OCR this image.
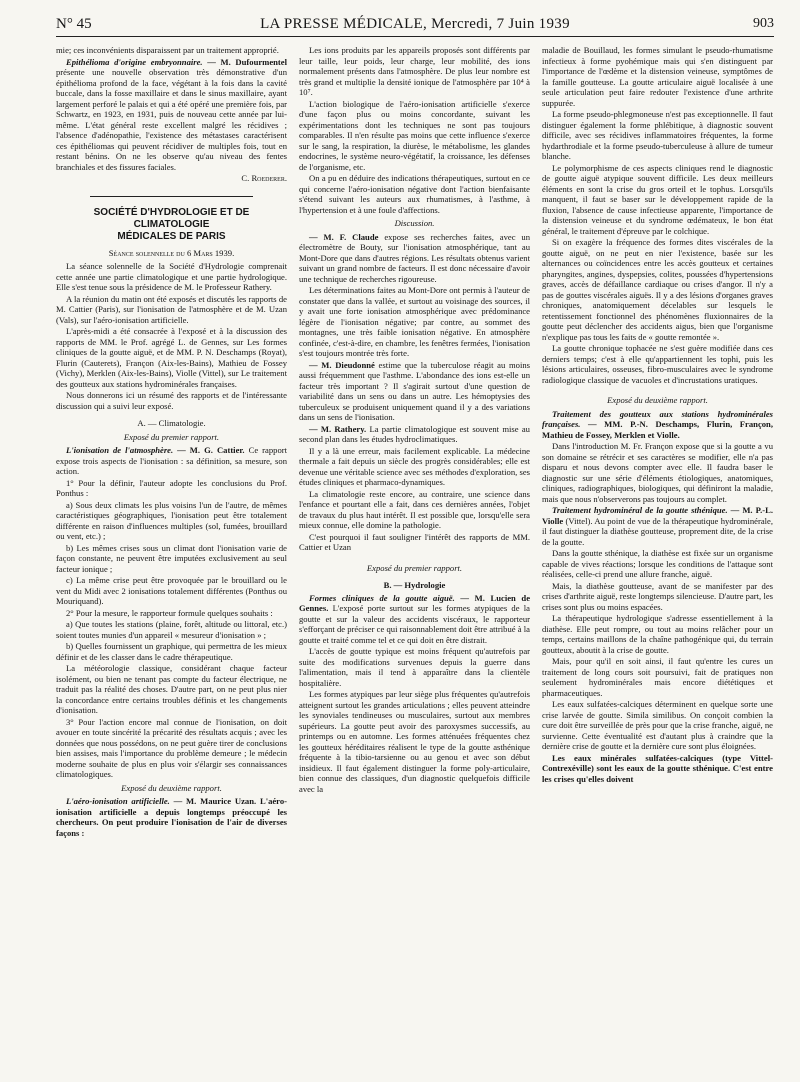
N° 45	LA PRESSE MÉDICALE, Mercredi, 7 Juin 1939	903

mie; ces inconvénients disparaissent par un traitement approprié.

Epithélioma d'origine embryonnaire. — M. Dufourmentel présente une nouvelle observation très démonstrative d'un épithélioma profond de la face, végétant à la fois dans la cavité buccale, dans la fosse maxillaire et dans le sinus maxillaire, ayant largement perforé le palais et qui a été opéré une première fois, par Schwartz, en 1923, en 1931, puis de nouveau cette année par lui-même. L'état général reste excellent malgré les récidives ; l'absence d'adénopathie, l'existence des métastases caractérisent ces épithéliomas qui peuvent récidiver de multiples fois, tout en restant bénins. On ne les observe qu'au niveau des fentes branchiales et des fissures faciales.

C. Roederer.

SOCIÉTÉ D'HYDROLOGIE ET DE CLIMATOLOGIE
MÉDICALES DE PARIS
Séance solennelle du 6 Mars 1939.

La séance solennelle de la Société d'Hydrologie comprenait cette année une partie climatologique et une partie hydrologique. Elle s'est tenue sous la présidence de M. le Professeur Rathery.

A la réunion du matin ont été exposés et discutés les rapports de M. Cattier (Paris), sur l'ionisation de l'atmosphère et de M. Uzan (Vals), sur l'aéro-ionisation artificielle.

L'après-midi a été consacrée à l'exposé et à la discussion des rapports de MM. le Prof. agrégé L. de Gennes, sur Les formes cliniques de la goutte aiguë, et de MM. P. N. Deschamps (Royat), Flurin (Cauterets), Françon (Aix-les-Bains), Mathieu de Fossey (Vichy), Merklen (Aix-les-Bains), Violle (Vittel), sur Le traitement des goutteux aux stations hydrominérales françaises.

Nous donnerons ici un résumé des rapports et de l'intéressante discussion qui a suivi leur exposé.

A. — Climatologie.
Exposé du premier rapport.

L'ionisation de l'atmosphère. — M. G. Cattier. Ce rapport expose trois aspects de l'ionisation : sa définition, sa mesure, son action.

1° Pour la définir, l'auteur adopte les conclusions du Prof. Ponthus :

a) Sous deux climats les plus voisins l'un de l'autre, de mêmes caractéristiques géographiques, l'ionisation peut être totalement différente en raison d'influences multiples (sol, fumées, brouillard ou vent, etc.) ;

b) Les mêmes crises sous un climat dont l'ionisation varie de façon constante, ne peuvent être imputées exclusivement au seul facteur ionique ;

c) La même crise peut être provoquée par le brouillard ou le vent du Midi avec 2 ionisations totalement différentes (Ponthus ou Mouriquand).

2° Pour la mesure, le rapporteur formule quelques souhaits :

a) Que toutes les stations (plaine, forêt, altitude ou littoral, etc.) soient toutes munies d'un appareil « mesureur d'ionisation » ;

b) Quelles fournissent un graphique, qui permettra de les mieux définir et de les classer dans le cadre thérapeutique.

La météorologie classique, considérant chaque facteur isolément, ou bien ne tenant pas compte du facteur électrique, ne traduit pas la réalité des choses. D'autre part, on ne peut plus nier la concordance entre certains troubles définis et les changements d'ionisation.

3° Pour l'action encore mal connue de l'ionisation, on doit avouer en toute sincérité la précarité des résultats acquis ; avec les données que nous possédons, on ne peut guère tirer de conclusions bien assises, mais l'importance du problème demeure ; le médecin moderne souhaite de plus en plus voir s'élargir ses connaissances climatologiques.

Exposé du deuxième rapport.

L'aéro-ionisation artificielle. — M. Maurice Uzan. L'aéro-ionisation artificielle a depuis longtemps préoccupé les chercheurs. On peut produire l'ionisation de l'air de diverses façons :

Les ions produits par les appareils proposés sont différents par leur taille, leur poids, leur charge, leur mobilité, des ions normalement présents dans l'atmosphère. De plus leur nombre est très grand et multiplie la densité ionique de l'atmosphère par 10⁴ à 10⁷.

L'action biologique de l'aéro-ionisation artificielle s'exerce d'une façon plus ou moins concordante, suivant les expérimentations dont les techniques ne sont pas toujours comparables. Il n'en résulte pas moins que cette influence s'exerce sur le sang, la respiration, la diurèse, le métabolisme, les glandes endocrines, le système neuro-végétatif, la croissance, les défenses de l'organisme, etc.

On a pu en déduire des indications thérapeutiques, surtout en ce qui concerne l'aéro-ionisation négative dont l'action bienfaisante s'étend suivant les auteurs aux rhumatismes, à l'asthme, à l'hypertension et à une foule d'affections.

Discussion.

— M. F. Claude expose ses recherches faites, avec un électromètre de Bouty, sur l'ionisation atmosphérique, tant au Mont-Dore que dans d'autres régions. Les résultats obtenus varient suivant un grand nombre de facteurs. Il est donc nécessaire d'avoir une technique de recherches rigoureuse.

Les déterminations faites au Mont-Dore ont permis à l'auteur de constater que dans la vallée, et surtout au voisinage des sources, il y avait une forte ionisation atmosphérique avec prédominance légère de l'ionisation négative; par contre, au sommet des montagnes, une très faible ionisation négative. En atmosphère confinée, c'est-à-dire, en chambre, les fenêtres fermées, l'ionisation s'est toujours montrée très forte.

— M. Dieudonné estime que la tuberculose réagit au moins aussi fréquemment que l'asthme. L'abondance des ions est-elle un facteur très important ? Il s'agirait surtout d'une question de variabilité dans un sens ou dans un autre. Les hémoptysies des tuberculeux se produisent uniquement quand il y a des variations dans un sens de l'ionisation.

— M. Rathery. La partie climatologique est souvent mise au second plan dans les études hydroclimatiques.

Il y a là une erreur, mais facilement explicable. La médecine thermale a fait depuis un siècle des progrès considérables; elle est devenue une véritable science avec ses méthodes d'exploration, ses études cliniques et pharmaco-dynamiques.

La climatologie reste encore, au contraire, une science dans l'enfance et pourtant elle a fait, dans ces dernières années, l'objet de travaux du plus haut intérêt. Il est possible que, lorsqu'elle sera mieux connue, elle domine la pathologie.

C'est pourquoi il faut souligner l'intérêt des rapports de MM. Cattier et Uzan

Exposé du premier rapport.
B. — Hydrologie

Formes cliniques de la goutte aiguë. — M. Lucien de Gennes. L'exposé porte surtout sur les formes atypiques de la goutte et sur la valeur des accidents viscéraux, le rapporteur s'efforçant de préciser ce qui raisonnablement doit être attribué à la goutte et traité comme tel et ce qui doit en être distrait.

L'accès de goutte typique est moins fréquent qu'autrefois par suite des modifications survenues depuis la guerre dans l'alimentation, mais il tend à apparaître dans la clientèle hospitalière.

Les formes atypiques par leur siège plus fréquentes qu'autrefois atteignent surtout les grandes articulations ; elles peuvent atteindre les synoviales tendineuses ou musculaires, surtout aux membres supérieurs. La goutte peut avoir des paroxysmes successifs, au printemps ou en automne. Les formes atténuées fréquentes chez les goutteux héréditaires réalisent le type de la goutte asthénique fréquente à la tibio-tarsienne ou au genou et avec son début insidieux. Il faut également distinguer la forme poly-articulaire, bien connue des classiques, d'un diagnostic quelquefois difficile avec la

maladie de Bouillaud, les formes simulant le pseudo-rhumatisme infectieux à forme pyohémique mais qui s'en distinguent par l'importance de l'œdème et la distension veineuse, symptômes de la famille goutteuse. La goutte articulaire aiguë localisée à une seule articulation peut faire redouter l'existence d'une arthrite suppurée.

La forme pseudo-phlegmoneuse n'est pas exceptionnelle. Il faut distinguer également la forme phlébitique, à diagnostic souvent difficile, avec ses récidives inflammatoires fréquentes, la forme hydarthrodiale et la forme pseudo-tuberculeuse à allure de tumeur blanche.

Le polymorphisme de ces aspects cliniques rend le diagnostic de goutte aiguë atypique souvent difficile. Les deux meilleurs éléments en sont la crise du gros orteil et le tophus. Lorsqu'ils manquent, il faut se baser sur le développement rapide de la fluxion, l'absence de cause infectieuse apparente, l'importance de la distension veineuse et du syndrome œdémateux, le bon état général, le traitement d'épreuve par le colchique.

Si on exagère la fréquence des formes dites viscérales de la goutte aiguë, on ne peut en nier l'existence, basée sur les alternances ou coïncidences entre les accès goutteux et certaines pharyngites, angines, dyspepsies, colites, poussées d'hypertensions graves, accès de défaillance cardiaque ou crises d'angor. Il n'y a pas de gouttes viscérales aiguës. Il y a des lésions d'organes graves chroniques, anatomiquement décelables sur lesquels le retentissement fonctionnel des phénomènes fluxionnaires de la goutte peut déclencher des accidents aigus, bien que l'organisme n'explique pas tous les faits de « goutte remontée ».

La goutte chronique tophacée ne s'est guère modifiée dans ces derniers temps; c'est à elle qu'appartiennent les tophi, puis les lésions articulaires, osseuses, fibro-musculaires avec le syndrome radiologique classique de vacuoles et d'incrustations uratiques.

Exposé du deuxième rapport.

Traitement des goutteux aux stations hydrominérales françaises. — MM. P.-N. Deschamps, Flurin, Françon, Mathieu de Fossey, Merklen et Violle.

Dans l'introduction M. Fr. Françon expose que si la goutte a vu son domaine se rétrécir et ses caractères se modifier, elle n'a pas disparu et nous devons compter avec elle. Il faudra baser le diagnostic sur une série d'éléments étiologiques, anatomiques, cliniques, radiographiques, biologiques, qui définiront la maladie, mais que nous n'observerons pas toujours au complet.

Traitement hydrominéral de la goutte sthénique. — M. P.-L. Violle (Vittel). Au point de vue de la thérapeutique hydrominérale, il faut distinguer la diathèse goutteuse, proprement dite, de la crise de la goutte.

Dans la goutte sthénique, la diathèse est fixée sur un organisme capable de vives réactions; lorsque les conditions de l'attaque sont réalisées, celle-ci prend une allure franche, aiguë.

Mais, la diathèse goutteuse, avant de se manifester par des crises d'arthrite aiguë, reste longtemps silencieuse. D'autre part, les crises sont plus ou moins espacées.

La thérapeutique hydrologique s'adresse essentiellement à la diathèse. Elle peut rompre, ou tout au moins relâcher pour un temps, certains maillons de la chaîne pathogénique qui, du terrain goutteux, aboutit à la crise de goutte.

Mais, pour qu'il en soit ainsi, il faut qu'entre les cures un traitement de long cours soit poursuivi, fait de pratiques non seulement hydrominérales mais encore diététiques et pharmaceutiques.

Les eaux sulfatées-calciques déterminent en quelque sorte une crise larvée de goutte. Simila similibus. On conçoit combien la cure doit être surveillée de près pour que la crise franche, aiguë, ne survienne. Cette éventualité est d'autant plus à craindre que la dernière crise de goutte et la dernière cure sont plus éloignées.

Les eaux minérales sulfatées-calciques (type Vittel-Contrexéville) sont les eaux de la goutte sthénique. C'est entre les crises qu'elles doivent
